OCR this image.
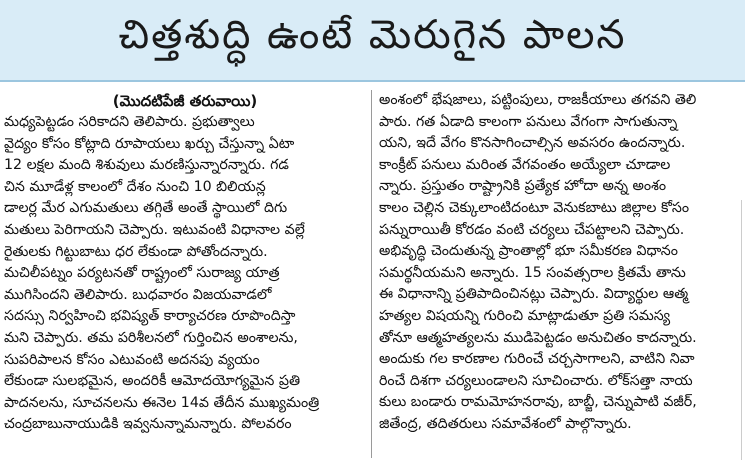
చిత్తశుద్ధి ఉంటే మెరుగైన పాలన
(మొదటిపేజీ తరువాయి)
మధ్యపెట్టడం సరికాదని తెలిపారు. ప్రభుత్వాలు
వైద్యం కోసం కోట్లాది రూపాయలు ఖర్చు చేస్తున్నా ఏటా
12 లక్షల మంది శిశువులు మరణిస్తున్నారన్నారు. గడ
చిన మూడేళ్ల కాలంలో దేశం నుంచి 10 బిలియన్ల
డాలర్ల మేర ఎగుమతులు తగ్గితే అంతే స్థాయిలో దిగు
మతులు పెరిగాయని చెప్పారు. ఇటువంటి విధానాల వల్లే
రైతులకు గిట్టుబాటు ధర లేకుండా పోతోందన్నారు.
మచిలీపట్నం పర్యటనతో రాష్ట్రంలో సురాజ్య యాత్ర
ముగిసిందని తెలిపారు. బుధవారం విజయవాడలో
సదస్సు నిర్వహించి భవిష్యత్ కార్యాచరణ రూపొందిస్తా
మని చెప్పారు. తమ పరిశీలనలో గుర్తించిన అంశాలను,
సుపరిపాలన కోసం ఎటువంటి అదనపు వ్యయం
లేకుండా సులభమైన, అందరికీ ఆమోదయోగ్యమైన ప్రతి
పాదనలను, సూచనలను ఈనెల 14వ తేదీన ముఖ్యమంత్రి
చంద్రబాబునాయుడికి ఇవ్వనున్నామన్నారు. పోలవరం
అంశంలో భేషజాలు, పట్టింపులు, రాజకీయాలు తగవని తెలి
పారు. గత ఏడాది కాలంగా పనులు వేగంగా సాగుతున్నా
యని, ఇదే వేగం కొనసాగించాల్సిన అవసరం ఉందన్నారు.
కాంక్రీట్ పనులు మరింత వేగవంతం అయ్యేలా చూడాల
న్నారు. ప్రస్తుతం రాష్ట్రానికి ప్రత్యేక హోదా అన్న అంశం
కాలం చెల్లిన చెక్కులాంటిదంటూ వెనుకబాటు జిల్లాల కోసం
పన్నురాయితీ కోరడం వంటి చర్యలు చేపట్టాలని చెప్పారు.
అభివృద్ధి చెందుతున్న ప్రాంతాల్లో భూ సమీకరణ విధానం
సమర్థనీయమని అన్నారు. 15 సంవత్సరాల క్రితమే తాను
ఈ విధానాన్ని ప్రతిపాదించినట్లు చెప్పారు. విద్యార్థుల ఆత్మ
హత్యల విషయన్ని గురించి మాట్లాడుతూ ప్రతి సమస్య
తోనూ ఆత్మహత్యలను ముడిపెట్టడం అనుచితం కాదన్నారు.
అందుకు గల కారణాల గురించే చర్చసాగాలని, వాటిని నివా
రించే దిశగా చర్యలుండాలని సూచించారు. లోక్‌సత్తా నాయ
కులు బండారు రామమోహనరావు, బాబ్జీ, చెన్నుపాటి వజీర్,
జితేంద్ర, తదితరులు సమావేశంలో పాల్గొన్నారు.
